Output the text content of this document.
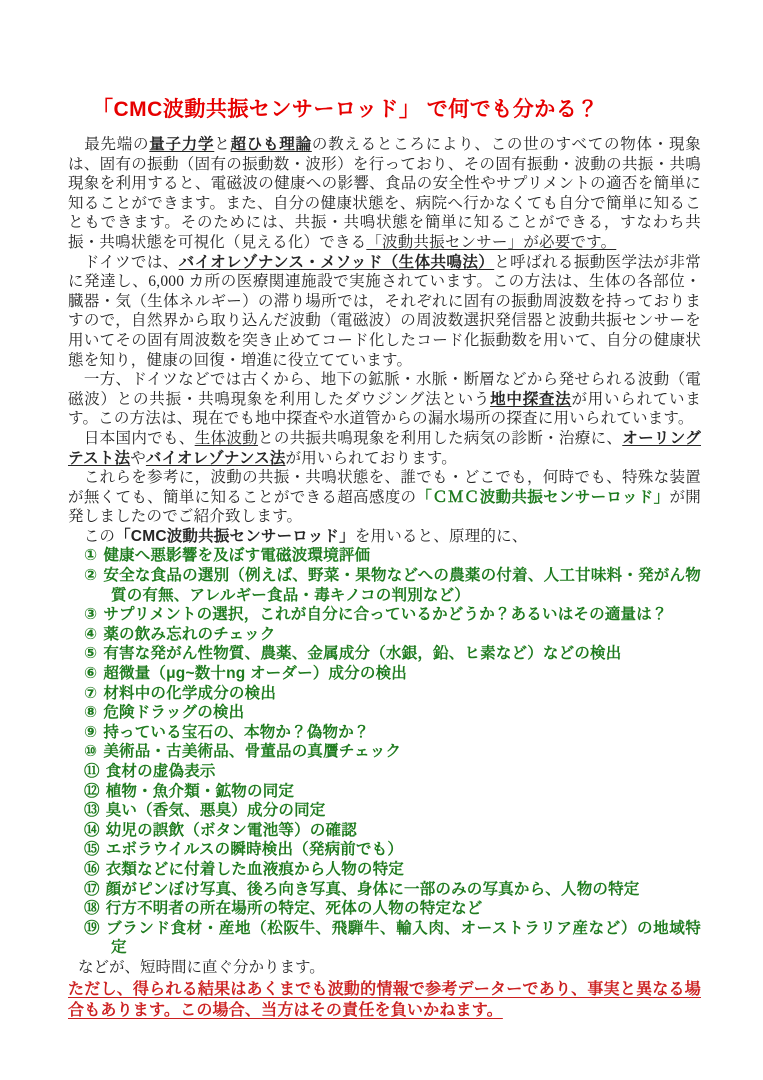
「CMC波動共振センサーロッド」 で何でも分かる？

　最先端の量子力学と超ひも理論の教えるところにより、この世のすべての物体・現象は、固有の振動（固有の振動数・波形）を行っており、その固有振動・波動の共振・共鳴現象を利用すると、電磁波の健康への影響、食品の安全性やサプリメントの適否を簡単に知ることができます。また、自分の健康状態を、病院へ行かなくても自分で簡単に知ることもできます。そのためには、共振・共鳴状態を簡単に知ることができる，すなわち共振・共鳴状態を可視化（見える化）できる「波動共振センサー」が必要です。

　ドイツでは、バイオレゾナンス・メソッド（生体共鳴法）と呼ばれる振動医学法が非常に発達し、6,000 カ所の医療関連施設で実施されています。この方法は、生体の各部位・臓器・気（生体ネルギー）の滞り場所では，それぞれに固有の振動周波数を持っておりますので，自然界から取り込んだ波動（電磁波）の周波数選択発信器と波動共振センサーを用いてその固有周波数を突き止めてコード化したコード化振動数を用いて、自分の健康状態を知り，健康の回復・増進に役立てています。

　一方、ドイツなどでは古くから、地下の鉱脈・水脈・断層などから発せられる波動（電磁波）との共振・共鳴現象を利用したダウジング法という地中探査法が用いられています。この方法は、現在でも地中探査や水道管からの漏水場所の探査に用いられています。

　日本国内でも、生体波動との共振共鳴現象を利用した病気の診断・治療に、オーリングテスト法やバイオレゾナンス法が用いられております。

　これらを参考に，波動の共振・共鳴状態を、誰でも・どこでも，何時でも、特殊な装置が無くても、簡単に知ることができる超高感度の「ＣＭＣ波動共振センサーロッド」が開発しましたのでご紹介致します。

　この「CMC波動共振センサーロッド」を用いると、原理的に、

① 健康へ悪影響を及ぼす電磁波環境評価
② 安全な食品の選別（例えば、野菜・果物などへの農薬の付着、人工甘味料・発がん物質の有無、アレルギー食品・毒キノコの判別など）
③ サプリメントの選択，これが自分に合っているかどうか？あるいはその適量は？
④ 薬の飲み忘れのチェック
⑤ 有害な発がん性物質、農薬、金属成分（水銀，鉛、ヒ素など）などの検出
⑥ 超微量（μg~数十ng オーダー）成分の検出
⑦ 材料中の化学成分の検出
⑧ 危険ドラッグの検出
⑨ 持っている宝石の、本物か？偽物か？
⑩ 美術品・古美術品、骨董品の真贋チェック
⑪ 食材の虚偽表示
⑫ 植物・魚介類・鉱物の同定
⑬ 臭い（香気、悪臭）成分の同定
⑭ 幼児の誤飲（ボタン電池等）の確認
⑮ エボラウイルスの瞬時検出（発病前でも）
⑯ 衣類などに付着した血液痕から人物の特定
⑰ 顔がピンぼけ写真、後ろ向き写真、身体に一部のみの写真から、人物の特定
⑱ 行方不明者の所在場所の特定、死体の人物の特定など
⑲ ブランド食材・産地（松阪牛、飛騨牛、輸入肉、オーストラリア産など）の地域特定

などが、短時間に直ぐ分かります。

ただし、得られる結果はあくまでも波動的情報で参考データーであり、事実と異なる場合もあります。この場合、当方はその責任を負いかねます。
